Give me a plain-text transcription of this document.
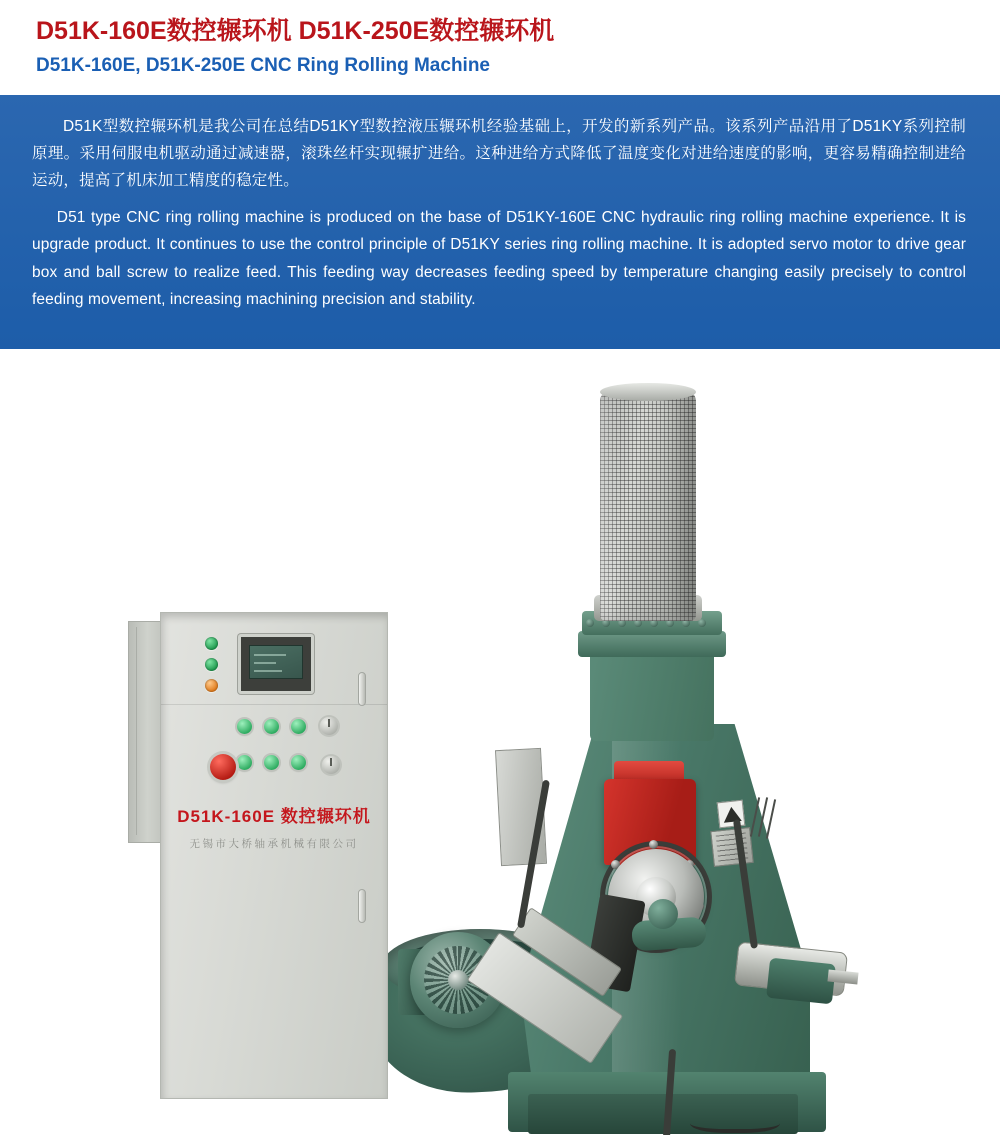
D51K-160E数控辗环机 D51K-250E数控辗环机
D51K-160E, D51K-250E CNC Ring Rolling Machine

D51K型数控辗环机是我公司在总结D51KY型数控液压辗环机经验基础上，开发的新系列产品。该系列产品沿用了D51KY系列控制原理。采用伺服电机驱动通过减速器，滚珠丝杆实现辗扩进给。这种进给方式降低了温度变化对进给速度的影响，更容易精确控制进给运动，提高了机床加工精度的稳定性。

D51 type CNC ring rolling machine is produced on the base of D51KY-160E CNC hydraulic ring rolling machine experience. It is upgrade product. It continues to use the control principle of D51KY series ring rolling machine. It is adopted servo motor to drive gear box and ball screw to realize feed. This feeding way decreases feeding speed by temperature changing easily precisely to control feeding movement, increasing machining precision and stability.

D51K-160E 数控辗环机
无锡市大桥轴承机械有限公司
